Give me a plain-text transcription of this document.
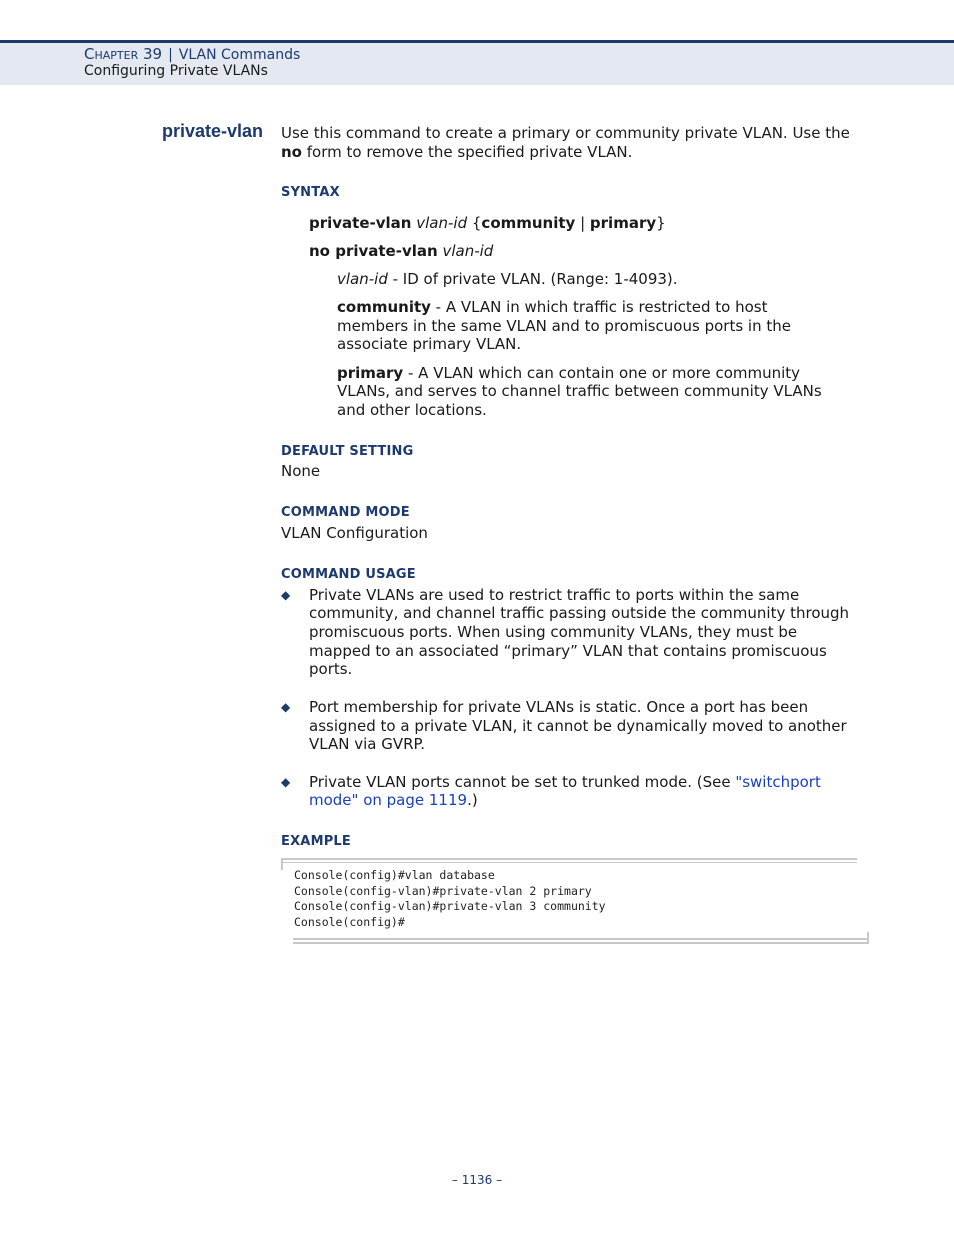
Chapter 39 | VLAN Commands
Configuring Private VLANs
private-vlan Use this command to create a primary or community private VLAN. Use the
no form to remove the specified private VLAN.
SYNTAX
private-vlan vlan-id {community | primary}
no private-vlan vlan-id
vlan-id - ID of private VLAN. (Range: 1-4093).
community - A VLAN in which traffic is restricted to host
members in the same VLAN and to promiscuous ports in the
associate primary VLAN.
primary - A VLAN which can contain one or more community
VLANs, and serves to channel traffic between community VLANs
and other locations.
DEFAULT SETTING
None
COMMAND MODE
VLAN Configuration
COMMAND USAGE
◆ Private VLANs are used to restrict traffic to ports within the same
community, and channel traffic passing outside the community through
promiscuous ports. When using community VLANs, they must be
mapped to an associated “primary” VLAN that contains promiscuous
ports.
◆ Port membership for private VLANs is static. Once a port has been
assigned to a private VLAN, it cannot be dynamically moved to another
VLAN via GVRP.
◆ Private VLAN ports cannot be set to trunked mode. (See "switchport
mode" on page 1119.)
EXAMPLE
Console(config)#vlan database
Console(config-vlan)#private-vlan 2 primary
Console(config-vlan)#private-vlan 3 community
Console(config)#
– 1136 –
